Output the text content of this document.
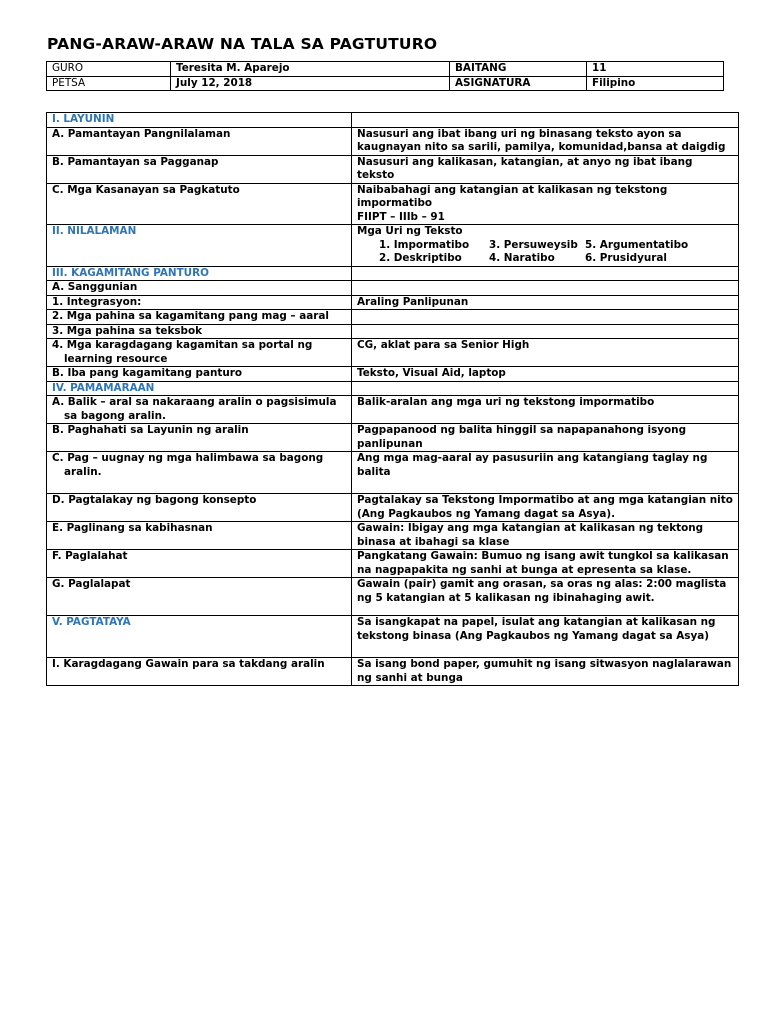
PANG-ARAW-ARAW NA TALA SA PAGTUTURO
GURO	Teresita M. Aparejo	BAITANG	11
PETSA	July 12, 2018	ASIGNATURA	Filipino
I. LAYUNIN	
A. Pamantayan Pangnilalaman	Nasusuri ang ibat ibang uri ng binasang teksto ayon sa kaugnayan nito sa sarili, pamilya, komunidad,bansa at daigdig
B. Pamantayan sa Pagganap	Nasusuri ang kalikasan, katangian, at anyo ng ibat ibang teksto
C. Mga Kasanayan sa Pagkatuto	Naibabahagi ang katangian at kalikasan ng tekstong impormatibo
FIIPT – IIIb – 91

II. NILALAMAN	Mga Uri ng Teksto
1. Impormatibo 3. Persuweysib 5. Argumentatibo
2. Deskriptibo 4. Naratibo 6. Prusidyural

III. KAGAMITANG PANTURO	
A. Sanggunian	
1. Integrasyon:	Araling Panlipunan
2. Mga pahina sa kagamitang pang mag – aaral	
3. Mga pahina sa teksbok	

4. Mga karagdagang kagamitan sa portal ng learning resource	CG, aklat para sa Senior High
B. Iba pang kagamitang panturo	Teksto, Visual Aid, laptop
IV. PAMAMARAAN	

A. Balik – aral sa nakaraang aralin o pagsisimula sa bagong aralin.	Balik-aralan ang mga uri ng tekstong impormatibo
B. Paghahati sa Layunin ng aralin	Pagpapanood ng balita hinggil sa napapanahong isyong panlipunan

C. Pag – uugnay ng mga halimbawa sa bagong aralin.	Ang mga mag-aaral ay pasusuriin ang katangiang taglay ng balita
D. Pagtalakay ng bagong konsepto	Pagtalakay sa Tekstong Impormatibo at ang mga katangian nito (Ang Pagkaubos ng Yamang dagat sa Asya).
E. Paglinang sa kabihasnan	Gawain: Ibigay ang mga katangian at kalikasan ng tektong binasa at ibahagi sa klase
F. Paglalahat	Pangkatang Gawain: Bumuo ng isang awit tungkol sa kalikasan na nagpapakita ng sanhi at bunga at epresenta sa klase.
G. Paglalapat	Gawain (pair) gamit ang orasan, sa oras ng alas: 2:00 maglista ng 5 katangian at 5 kalikasan ng ibinahaging awit.
V. PAGTATAYA	Sa isangkapat na papel, isulat ang katangian at kalikasan ng tekstong binasa (Ang Pagkaubos ng Yamang dagat sa Asya)
I. Karagdagang Gawain para sa takdang aralin	Sa isang bond paper, gumuhit ng isang sitwasyon naglalarawan ng sanhi at bunga
